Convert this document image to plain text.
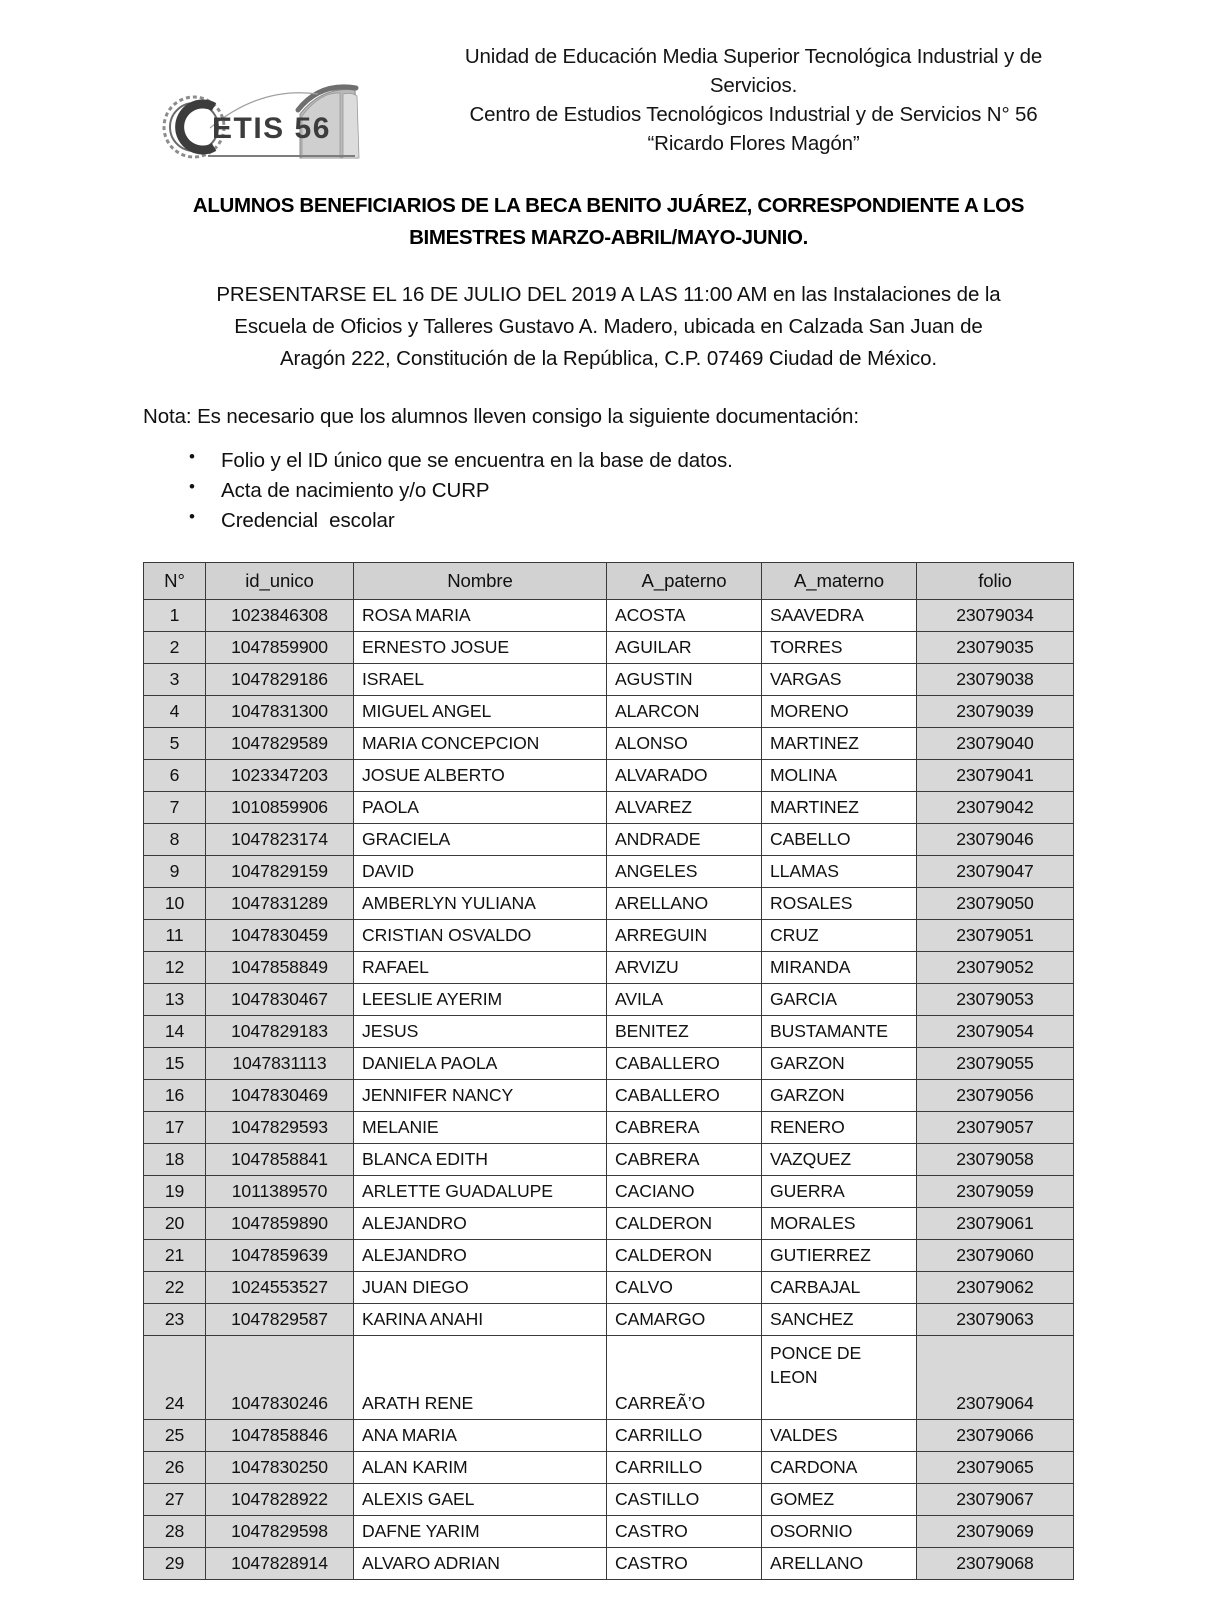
ETIS 56
Unidad de Educación Media Superior Tecnológica Industrial y de
Servicios.
Centro de Estudios Tecnológicos Industrial y de Servicios N° 56
“Ricardo Flores Magón”
ALUMNOS BENEFICIARIOS DE LA BECA BENITO JUÁREZ, CORRESPONDIENTE A LOS
BIMESTRES MARZO-ABRIL/MAYO-JUNIO.
PRESENTARSE EL 16 DE JULIO DEL 2019 A LAS 11:00 AM en las Instalaciones de la
Escuela de Oficios y Talleres Gustavo A. Madero, ubicada en Calzada San Juan de
Aragón 222, Constitución de la República, C.P. 07469 Ciudad de México.
Nota: Es necesario que los alumnos lleven consigo la siguiente documentación:
• Folio y el ID único que se encuentra en la base de datos.
• Acta de nacimiento y/o CURP
• Credencial  escolar
N°	id_unico	Nombre	A_paterno	A_materno	folio
1	1023846308	ROSA MARIA	ACOSTA	SAAVEDRA	23079034
2	1047859900	ERNESTO JOSUE	AGUILAR	TORRES	23079035
3	1047829186	ISRAEL	AGUSTIN	VARGAS	23079038
4	1047831300	MIGUEL ANGEL	ALARCON	MORENO	23079039
5	1047829589	MARIA CONCEPCION	ALONSO	MARTINEZ	23079040
6	1023347203	JOSUE ALBERTO	ALVARADO	MOLINA	23079041
7	1010859906	PAOLA	ALVAREZ	MARTINEZ	23079042
8	1047823174	GRACIELA	ANDRADE	CABELLO	23079046
9	1047829159	DAVID	ANGELES	LLAMAS	23079047
10	1047831289	AMBERLYN YULIANA	ARELLANO	ROSALES	23079050
11	1047830459	CRISTIAN OSVALDO	ARREGUIN	CRUZ	23079051
12	1047858849	RAFAEL	ARVIZU	MIRANDA	23079052
13	1047830467	LEESLIE AYERIM	AVILA	GARCIA	23079053
14	1047829183	JESUS	BENITEZ	BUSTAMANTE	23079054
15	1047831113	DANIELA PAOLA	CABALLERO	GARZON	23079055
16	1047830469	JENNIFER NANCY	CABALLERO	GARZON	23079056
17	1047829593	MELANIE	CABRERA	RENERO	23079057
18	1047858841	BLANCA EDITH	CABRERA	VAZQUEZ	23079058
19	1011389570	ARLETTE GUADALUPE	CACIANO	GUERRA	23079059
20	1047859890	ALEJANDRO	CALDERON	MORALES	23079061
21	1047859639	ALEJANDRO	CALDERON	GUTIERREZ	23079060
22	1024553527	JUAN DIEGO	CALVO	CARBAJAL	23079062
23	1047829587	KARINA ANAHI	CAMARGO	SANCHEZ	23079063
24	1047830246	ARATH RENE	CARREÃ’O	PONCE DE LEON	23079064
25	1047858846	ANA MARIA	CARRILLO	VALDES	23079066
26	1047830250	ALAN KARIM	CARRILLO	CARDONA	23079065
27	1047828922	ALEXIS GAEL	CASTILLO	GOMEZ	23079067
28	1047829598	DAFNE YARIM	CASTRO	OSORNIO	23079069
29	1047828914	ALVARO ADRIAN	CASTRO	ARELLANO	23079068
